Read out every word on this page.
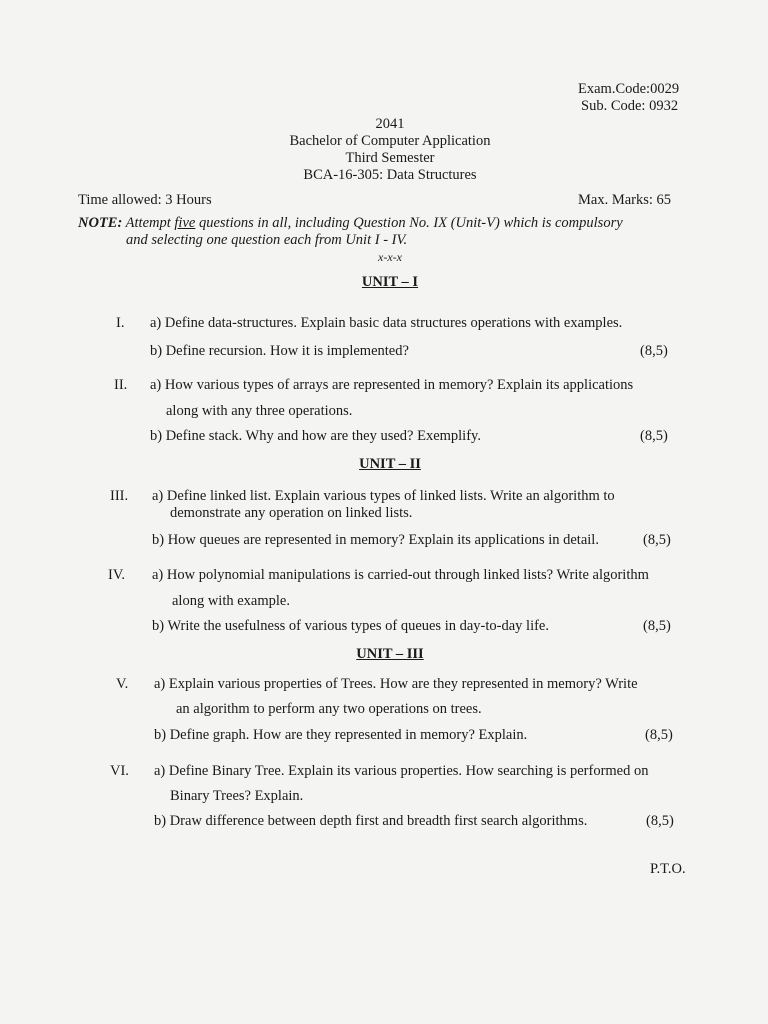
Exam.Code:0029
Sub. Code: 0932
2041
Bachelor of Computer Application
Third Semester
BCA-16-305: Data Structures
Time allowed: 3 Hours	Max. Marks: 65
NOTE: Attempt five questions in all, including Question No. IX (Unit-V) which is compulsory
and selecting one question each from Unit I - IV.
x-x-x
UNIT – I
I. a) Define data-structures. Explain basic data structures operations with examples.
b) Define recursion. How it is implemented?	(8,5)
II. a) How various types of arrays are represented in memory? Explain its applications
along with any three operations.
b) Define stack. Why and how are they used? Exemplify.	(8,5)
UNIT – II
III. a) Define linked list. Explain various types of linked lists. Write an algorithm to
demonstrate any operation on linked lists.
b) How queues are represented in memory? Explain its applications in detail.	(8,5)
IV. a) How polynomial manipulations is carried-out through linked lists? Write algorithm
along with example.
b) Write the usefulness of various types of queues in day-to-day life.	(8,5)
UNIT – III
V. a) Explain various properties of Trees. How are they represented in memory? Write
an algorithm to perform any two operations on trees.
b) Define graph. How are they represented in memory? Explain.	(8,5)
VI. a) Define Binary Tree. Explain its various properties. How searching is performed on
Binary Trees? Explain.
b) Draw difference between depth first and breadth first search algorithms.	(8,5)
P.T.O.
